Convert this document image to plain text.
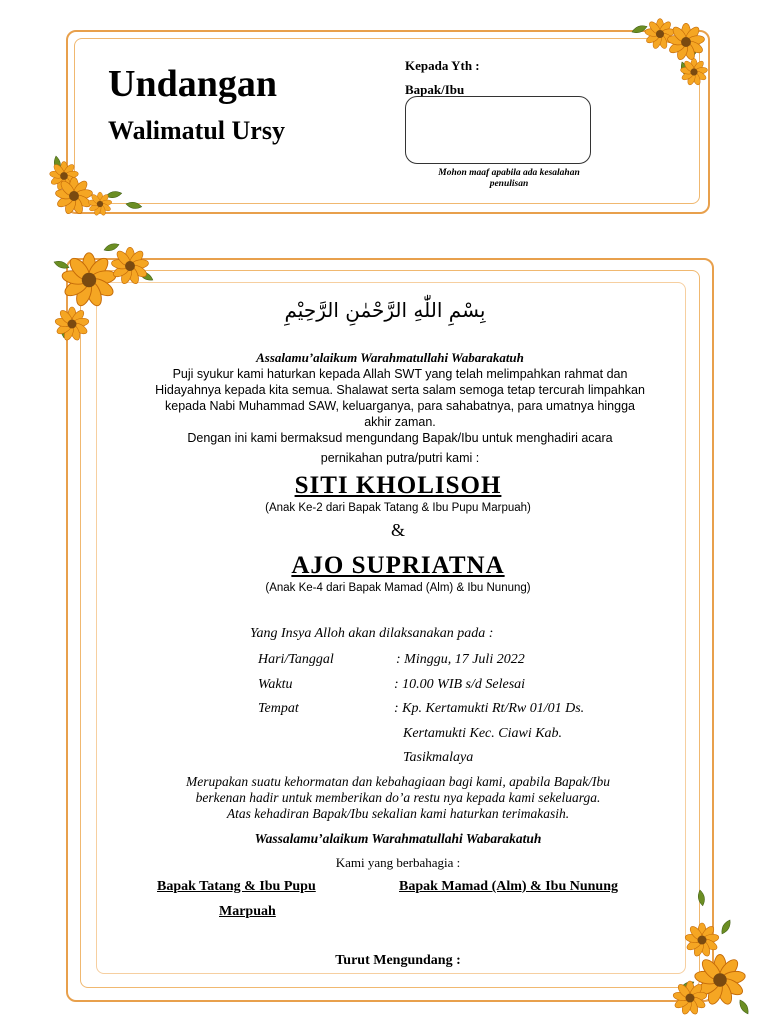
Undangan
Walimatul Ursy
Kepada Yth :
Bapak/Ibu
Mohon maaf apabila ada kesalahan
penulisan
بِسْمِ اللّٰهِ الرَّحْمٰنِ الرَّحِيْمِ
Assalamu’alaikum Warahmatullahi Wabarakatuh
Puji syukur kami haturkan kepada Allah SWT yang telah melimpahkan rahmat dan
Hidayahnya kepada kita semua. Shalawat serta salam semoga tetap tercurah limpahkan
kepada Nabi Muhammad SAW, keluarganya, para sahabatnya, para umatnya hingga
akhir zaman.
Dengan ini kami bermaksud mengundang Bapak/Ibu untuk menghadiri acara
pernikahan putra/putri kami :
SITI KHOLISOH
(Anak Ke-2 dari Bapak Tatang & Ibu Pupu Marpuah)
&
AJO SUPRIATNA
(Anak Ke-4 dari Bapak Mamad (Alm) & Ibu Nunung)
Yang Insya Alloh akan dilaksanakan pada :
Hari/Tanggal	: Minggu, 17 Juli 2022
Waktu	: 10.00 WIB s/d Selesai
Tempat	: Kp. Kertamukti Rt/Rw 01/01 Ds.
Kertamukti Kec. Ciawi Kab.
Tasikmalaya
Merupakan suatu kehormatan dan kebahagiaan bagi kami, apabila Bapak/Ibu
berkenan hadir untuk memberikan do’a restu nya kepada kami sekeluarga.
Atas kehadiran Bapak/Ibu sekalian kami haturkan terimakasih.
Wassalamu’alaikum Warahmatullahi Wabarakatuh
Kami yang berbahagia :
Bapak Tatang & Ibu Pupu
Marpuah
Bapak Mamad (Alm) & Ibu Nunung
Turut Mengundang :
